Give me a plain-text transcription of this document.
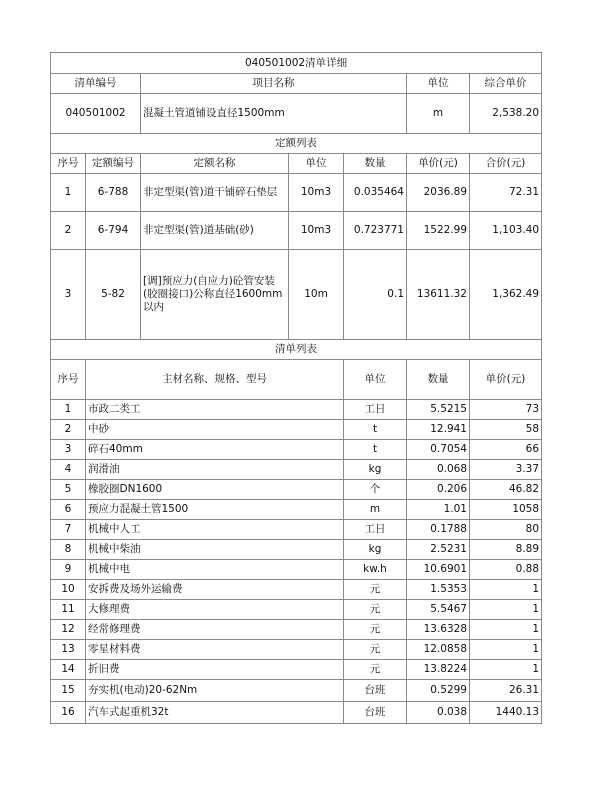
040501002清单详细							
清单编号		项目名称			单位	综合单价	
040501002		混凝土管道铺设直径1500mm			m	2,538.20	
定额列表							
序号	定额编号	定额名称	单位	数量	单价(元)	合价(元)	
1	6-788	非定型渠(管)道干铺碎石垫层	10m3	0.035464	2036.89	72.31	
2	6-794	非定型渠(管)道基础(砂)	10m3	0.723771	1522.99	1,103.40	
3	5-82	[调]预应力(自应力)砼管安装(胶圈接口)公称直径1600mm以内	10m	0.1	13611.32	1,362.49	
清单列表							
序号	主材名称、规格、型号			单位	数量	单价(元)	
1	市政二类工			工日	5.5215	73	
2	中砂			t	12.941	58	
3	碎石40mm			t	0.7054	66	
4	润滑油			kg	0.068	3.37	
5	橡胶圈DN1600			个	0.206	46.82	
6	预应力混凝土管1500			m	1.01	1058	
7	机械中人工			工日	0.1788	80	
8	机械中柴油			kg	2.5231	8.89	
9	机械中电			kw.h	10.6901	0.88	
10	安拆费及场外运输费			元	1.5353	1	
11	大修理费			元	5.5467	1	
12	经常修理费			元	13.6328	1	
13	零星材料费			元	12.0858	1	
14	折旧费			元	13.8224	1	
15	夯实机(电动)20-62Nm			台班	0.5299	26.31	
16	汽车式起重机32t			台班	0.038	1440.13	
